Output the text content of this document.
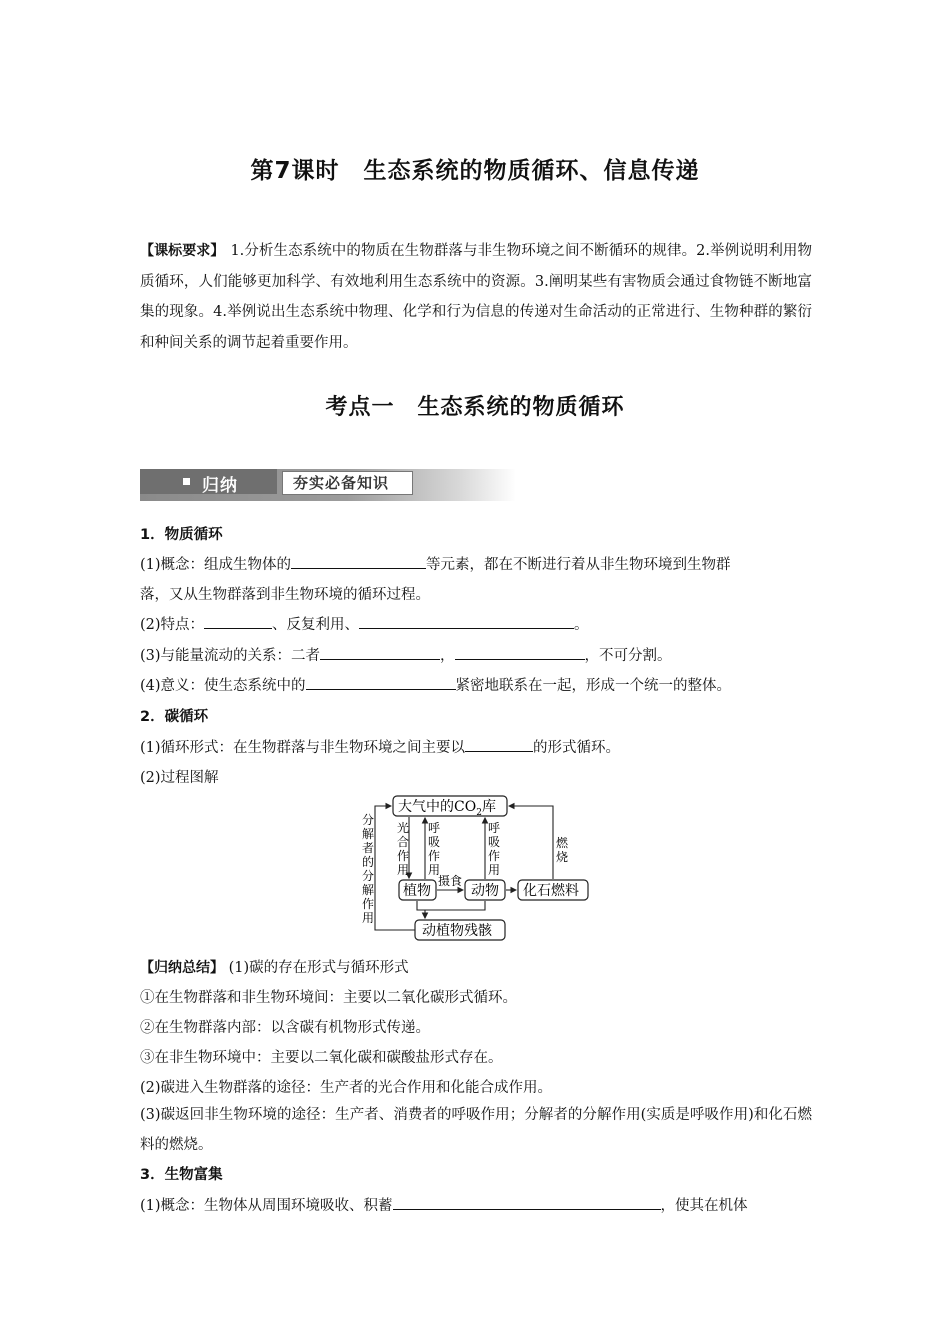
第7课时　生态系统的物质循环、信息传递
【课标要求】 1.分析生态系统中的物质在生物群落与非生物环境之间不断循环的规律。2.举例说明利用物质循环，人们能够更加科学、有效地利用生态系统中的资源。3.阐明某些有害物质会通过食物链不断地富集的现象。4.举例说出生态系统中物理、化学和行为信息的传递对生命活动的正常进行、生物种群的繁衍和种间关系的调节起着重要作用。
考点一　生态系统的物质循环
归纳	夯实必备知识
1．物质循环
(1)概念：组成生物体的	等元素，都在不断进行着从非生物环境到生物群
落，又从生物群落到非生物环境的循环过程。
(2)特点：	、反复利用、	。
(3)与能量流动的关系：二者	，	，不可分割。
(4)意义：使生态系统中的	紧密地联系在一起，形成一个统一的整体。
2．碳循环
(1)循环形式：在生物群落与非生物环境之间主要以	的形式循环。
(2)过程图解
大气中的$CO_2$库
植物	动物 化石燃料
动植物残骸
分解者的分解作用
光合作用
呼吸作用
呼吸作用
燃烧
摄食
【归纳总结】 (1)碳的存在形式与循环形式
①在生物群落和非生物环境间：主要以二氧化碳形式循环。
②在生物群落内部：以含碳有机物形式传递。
③在非生物环境中：主要以二氧化碳和碳酸盐形式存在。
(2)碳进入生物群落的途径：生产者的光合作用和化能合成作用。
(3)碳返回非生物环境的途径：生产者、消费者的呼吸作用；分解者的分解作用(实质是呼吸作用)和化石燃料的燃烧。
3．生物富集
(1)概念：生物体从周围环境吸收、积蓄	，使其在机体
